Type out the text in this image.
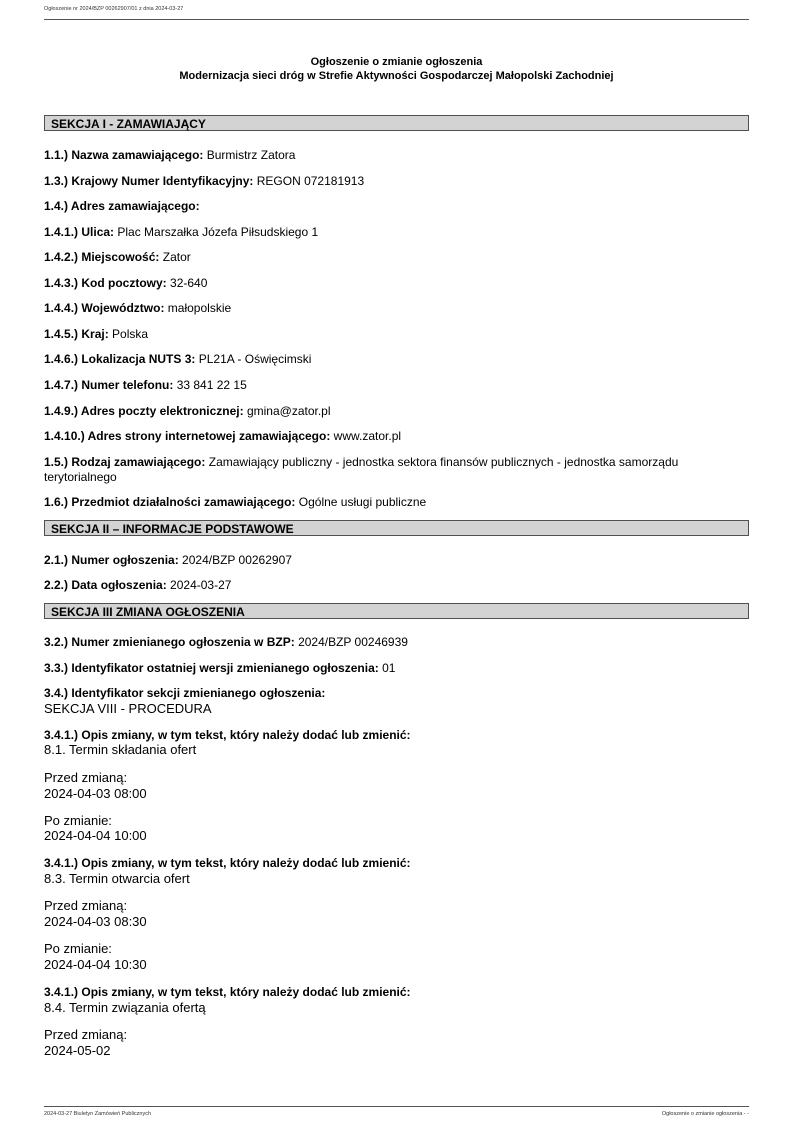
Ogłoszenie nr 2024/BZP 00262907/01 z dnia 2024-03-27
Ogłoszenie o zmianie ogłoszenia
Modernizacja sieci dróg w Strefie Aktywności Gospodarczej Małopolski Zachodniej
SEKCJA I - ZAMAWIAJĄCY
1.1.) Nazwa zamawiającego: Burmistrz Zatora
1.3.) Krajowy Numer Identyfikacyjny: REGON 072181913
1.4.) Adres zamawiającego:
1.4.1.) Ulica: Plac Marszałka Józefa Piłsudskiego 1
1.4.2.) Miejscowość: Zator
1.4.3.) Kod pocztowy: 32-640
1.4.4.) Województwo: małopolskie
1.4.5.) Kraj: Polska
1.4.6.) Lokalizacja NUTS 3: PL21A - Oświęcimski
1.4.7.) Numer telefonu: 33 841 22 15
1.4.9.) Adres poczty elektronicznej: gmina@zator.pl
1.4.10.) Adres strony internetowej zamawiającego: www.zator.pl
1.5.) Rodzaj zamawiającego: Zamawiający publiczny - jednostka sektora finansów publicznych - jednostka samorządu terytorialnego
1.6.) Przedmiot działalności zamawiającego: Ogólne usługi publiczne
SEKCJA II – INFORMACJE PODSTAWOWE
2.1.) Numer ogłoszenia: 2024/BZP 00262907
2.2.) Data ogłoszenia: 2024-03-27
SEKCJA III ZMIANA OGŁOSZENIA
3.2.) Numer zmienianego ogłoszenia w BZP: 2024/BZP 00246939
3.3.) Identyfikator ostatniej wersji zmienianego ogłoszenia: 01
3.4.) Identyfikator sekcji zmienianego ogłoszenia:
SEKCJA VIII - PROCEDURA
3.4.1.) Opis zmiany, w tym tekst, który należy dodać lub zmienić:
8.1. Termin składania ofert
Przed zmianą:
2024-04-03 08:00
Po zmianie:
2024-04-04 10:00
3.4.1.) Opis zmiany, w tym tekst, który należy dodać lub zmienić:
8.3. Termin otwarcia ofert
Przed zmianą:
2024-04-03 08:30
Po zmianie:
2024-04-04 10:30
3.4.1.) Opis zmiany, w tym tekst, który należy dodać lub zmienić:
8.4. Termin związania ofertą
Przed zmianą:
2024-05-02
2024-03-27 Biuletyn Zamówień Publicznych	Ogłoszenie o zmianie ogłoszenia - -
